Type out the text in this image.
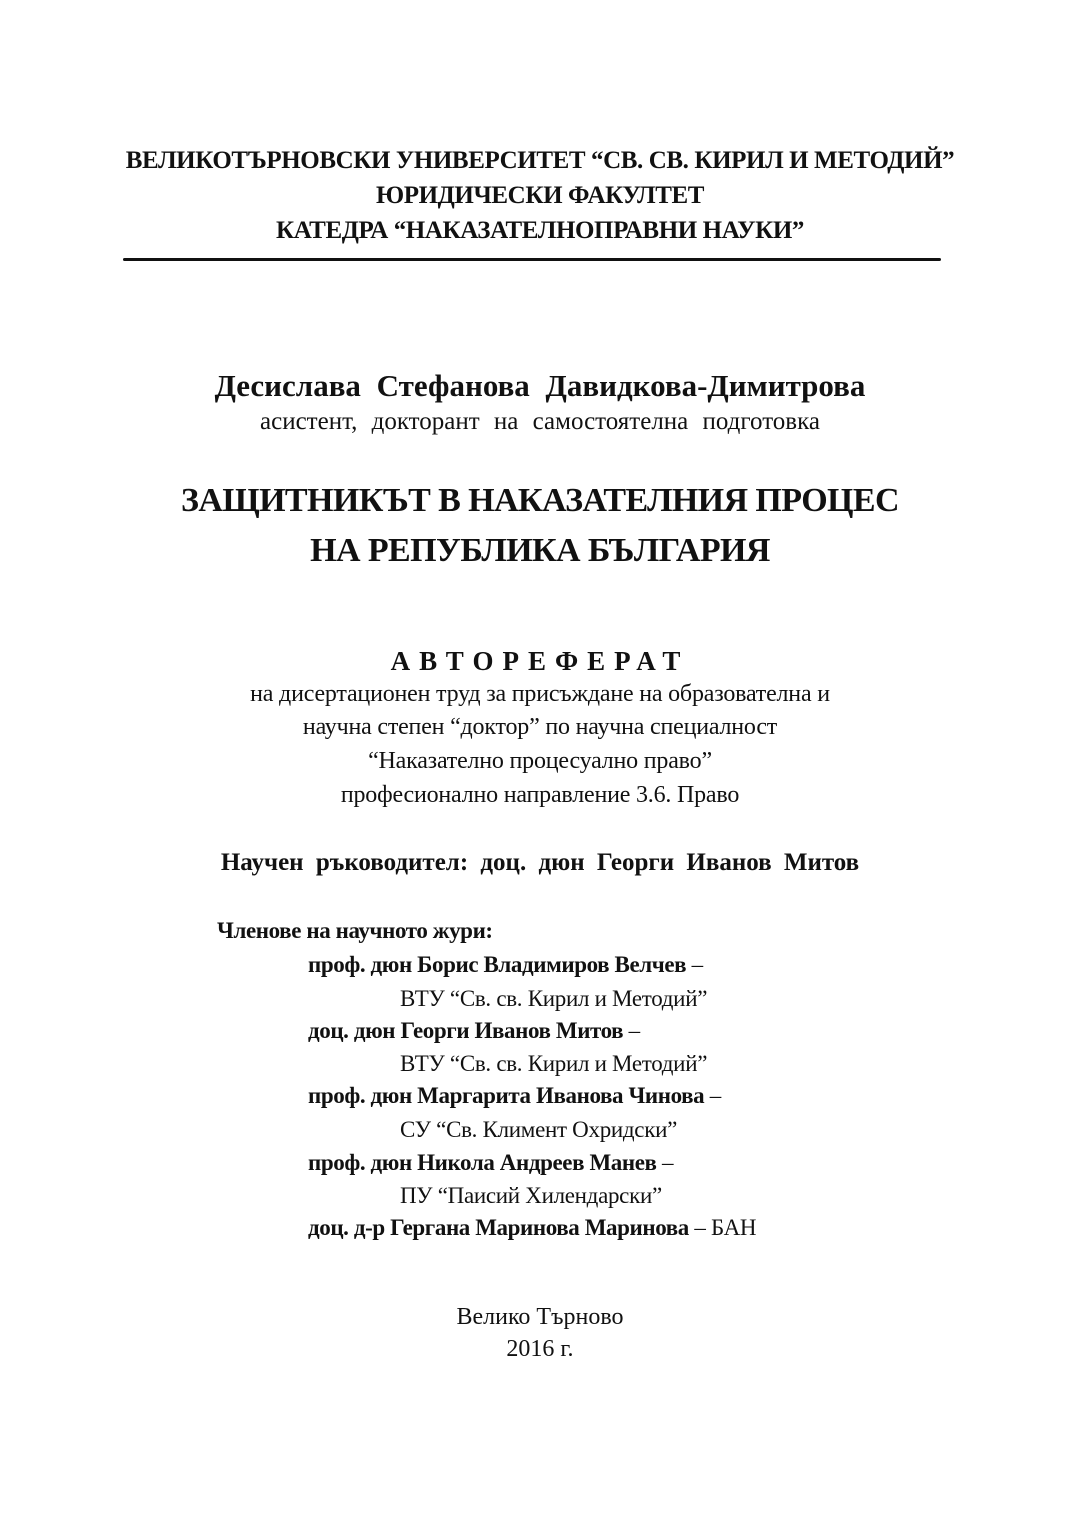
ВЕЛИКОТЪРНОВСКИ УНИВЕРСИТЕТ “СВ. СВ. КИРИЛ И МЕТОДИЙ”
ЮРИДИЧЕСКИ ФАКУЛТЕТ
КАТЕДРА “НАКАЗАТЕЛНОПРАВНИ НАУКИ”
Десислава Стефанова Давидкова-Димитрова
асистент, докторант на самостоятелна подготовка
ЗАЩИТНИКЪТ В НАКАЗАТЕЛНИЯ ПРОЦЕС
НА РЕПУБЛИКА БЪЛГАРИЯ
АВТОРЕФЕРАТ
на дисертационен труд за присъждане на образователна и
научна степен “доктор” по научна специалност
“Наказателно процесуално право”
професионално направление 3.6. Право
Научен ръководител: доц. дюн Георги Иванов Митов
Членове на научното жури:
проф. дюн Борис Владимиров Велчев –
ВТУ “Св. св. Кирил и Методий”
доц. дюн Георги Иванов Митов –
ВТУ “Св. св. Кирил и Методий”
проф. дюн Маргарита Иванова Чинова –
СУ “Св. Климент Охридски”
проф. дюн Никола Андреев Манев –
ПУ “Паисий Хилендарски”
доц. д-р Гергана Маринова Маринова – БАН
Велико Търново
2016 г.
